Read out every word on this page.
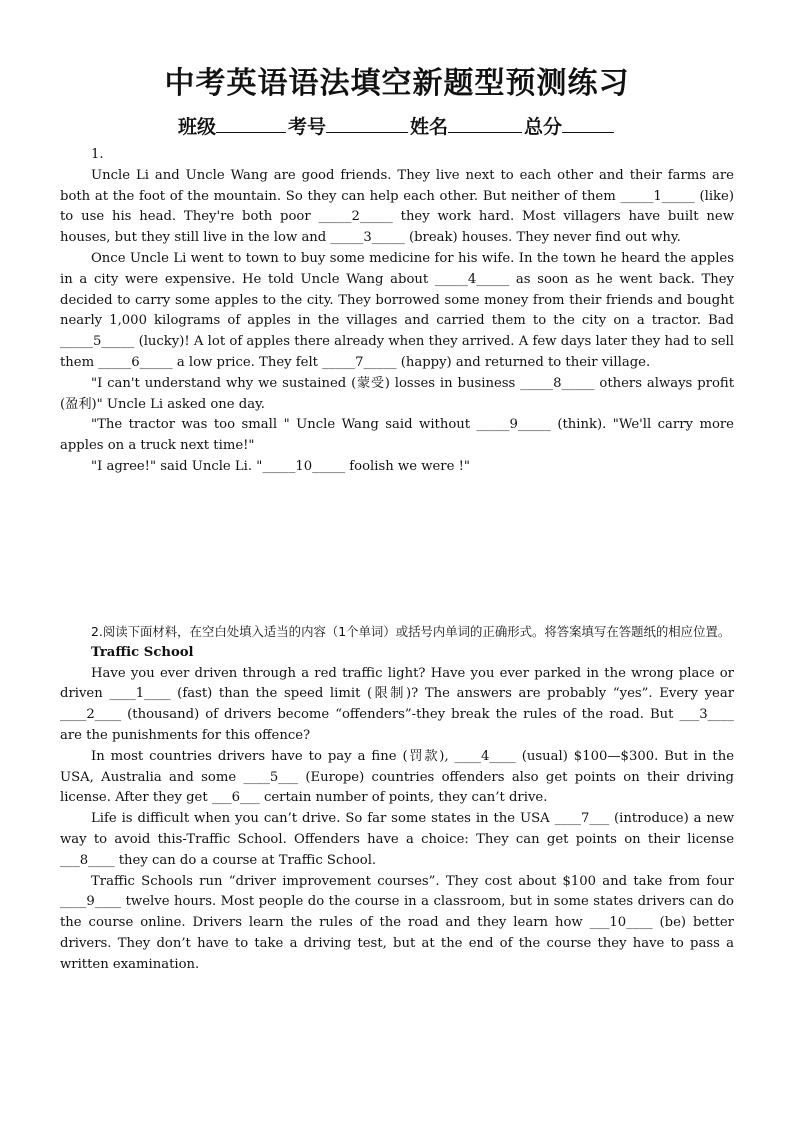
中考英语语法填空新题型预测练习
班级	考号	姓名	总分

1.

Uncle Li and Uncle Wang are good friends. They live next to each other and their farms are both at the foot of the mountain. So they can help each other. But neither of them _____1_____ (like) to use his head. They're both poor _____2_____ they work hard. Most villagers have built new houses, but they still live in the low and _____3_____ (break) houses. They never find out why.

Once Uncle Li went to town to buy some medicine for his wife. In the town he heard the apples in a city were expensive. He told Uncle Wang about _____4_____ as soon as he went back. They decided to carry some apples to the city. They borrowed some money from their friends and bought nearly 1,000 kilograms of apples in the villages and carried them to the city on a tractor. Bad _____5_____ (lucky)! A lot of apples there already when they arrived. A few days later they had to sell them _____6_____ a low price. They felt _____7_____ (happy) and returned to their village.

"I can't understand why we sustained (蒙受) losses in business _____8_____ others always profit (盈利)" Uncle Li asked one day.

"The tractor was too small " Uncle Wang said without _____9_____ (think). "We'll carry more apples on a truck next time!"

"I agree!" said Uncle Li. "_____10_____ foolish we were !"

2.阅读下面材料，在空白处填入适当的内容（1个单词）或括号内单词的正确形式。将答案填写在答题纸的相应位置。

Traffic School

Have you ever driven through a red traffic light? Have you ever parked in the wrong place or driven ____1____ (fast) than the speed limit (限制)? The answers are probably “yes”. Every year ____2____ (thousand) of drivers become “offenders”-they break the rules of the road. But ___3____ are the punishments for this offence?

In most countries drivers have to pay a fine (罚款), ____4____ (usual) $100—$300. But in the USA, Australia and some ____5___ (Europe) countries offenders also get points on their driving license. After they get ___6___ certain number of points, they can’t drive.

Life is difficult when you can’t drive. So far some states in the USA ____7___ (introduce) a new way to avoid this-Traffic School. Offenders have a choice: They can get points on their license ___8____ they can do a course at Traffic School.

Traffic Schools run “driver improvement courses”. They cost about $100 and take from four ____9____ twelve hours. Most people do the course in a classroom, but in some states drivers can do the course online. Drivers learn the rules of the road and they learn how ___10____ (be) better drivers. They don’t have to take a driving test, but at the end of the course they have to pass a written examination.
